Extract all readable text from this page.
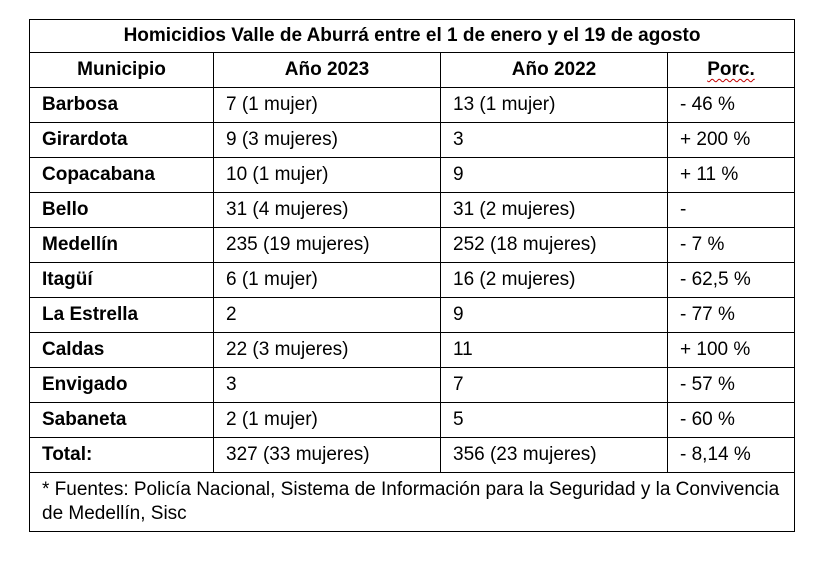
Homicidios Valle de Aburrá entre el 1 de enero y el 19 de agosto			
Municipio	Año 2023	Año 2022	Porc.
Barbosa	7 (1 mujer)	13 (1 mujer)	- 46 %
Girardota	9 (3 mujeres)	3	+ 200 %
Copacabana	10 (1 mujer)	9	+ 11 %
Bello	31 (4 mujeres)	31 (2 mujeres)	-
Medellín	235 (19 mujeres)	252 (18 mujeres)	- 7 %
Itagüí	6 (1 mujer)	16 (2 mujeres)	- 62,5 %
La Estrella	2	9	- 77 %
Caldas	22 (3 mujeres)	11	+ 100 %
Envigado	3	7	- 57 %
Sabaneta	2 (1 mujer)	5	- 60 %
Total:	327 (33 mujeres)	356 (23 mujeres)	- 8,14 %
* Fuentes: Policía Nacional, Sistema de Información para la Seguridad y la Convivencia de Medellín, Sisc			
